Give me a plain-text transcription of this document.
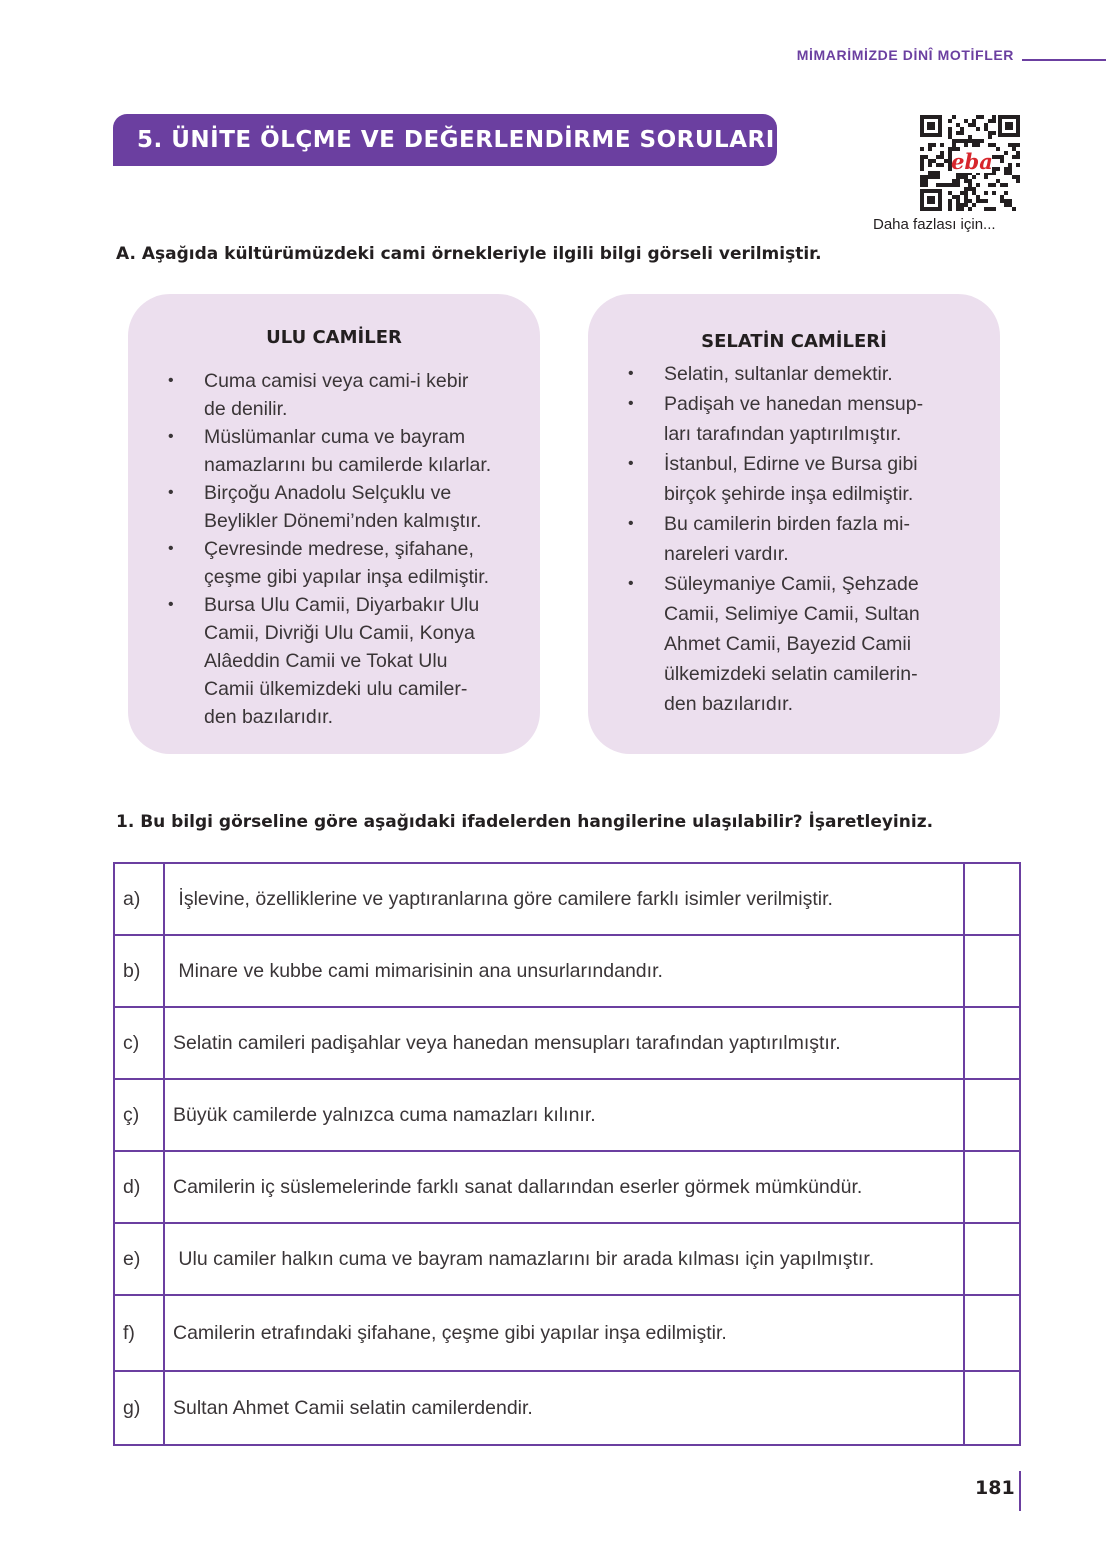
MİMARİMİZDE DİNÎ MOTİFLER
5. ÜNİTE ÖLÇME VE DEĞERLENDİRME SORULARI
eba
Daha fazlası için...
A. Aşağıda kültürümüzdeki cami örnekleriyle ilgili bilgi görseli verilmiştir.
ULU CAMİLER
• Cuma camisi veya cami-i kebir
de denilir.
• Müslümanlar cuma ve bayram
namazlarını bu camilerde kılarlar.
• Birçoğu Anadolu Selçuklu ve
Beylikler Dönemi’nden kalmıştır.
• Çevresinde medrese, şifahane,
çeşme gibi yapılar inşa edilmiştir.
• Bursa Ulu Camii, Diyarbakır Ulu
Camii, Divriği Ulu Camii, Konya
Alâeddin Camii ve Tokat Ulu
Camii ülkemizdeki ulu camiler-
den bazılarıdır.
SELATİN CAMİLERİ
• Selatin, sultanlar demektir.
• Padişah ve hanedan mensup-
ları tarafından yaptırılmıştır.
• İstanbul, Edirne ve Bursa gibi
birçok şehirde inşa edilmiştir.
• Bu camilerin birden fazla mi-
nareleri vardır.
• Süleymaniye Camii, Şehzade
Camii, Selimiye Camii, Sultan
Ahmet Camii, Bayezid Camii
ülkemizdeki selatin camilerin-
den bazılarıdır.
1. Bu bilgi görseline göre aşağıdaki ifadelerden hangilerine ulaşılabilir? İşaretleyiniz.
a)	İşlevine, özelliklerine ve yaptıranlarına göre camilere farklı isimler verilmiştir.	
b)	Minare ve kubbe cami mimarisinin ana unsurlarındandır.	
c)	Selatin camileri padişahlar veya hanedan mensupları tarafından yaptırılmıştır.	
ç)	Büyük camilerde yalnızca cuma namazları kılınır.	
d)	Camilerin iç süslemelerinde farklı sanat dallarından eserler görmek mümkündür.	
e)	Ulu camiler halkın cuma ve bayram namazlarını bir arada kılması için yapılmıştır.	
f)	Camilerin etrafındaki şifahane, çeşme gibi yapılar inşa edilmiştir.	
g)	Sultan Ahmet Camii selatin camilerdendir.	
181
